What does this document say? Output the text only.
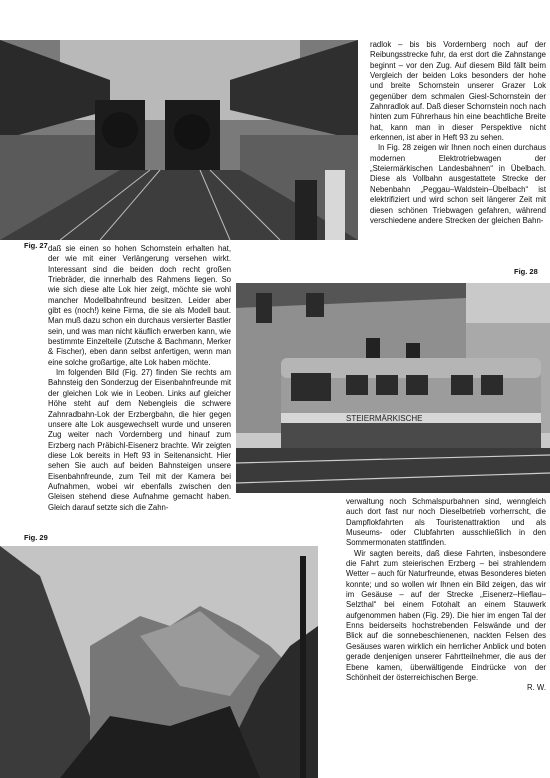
Fig. 27

radlok – bis bis Vordernberg noch auf der Reibungsstrecke fuhr, da erst dort die Zahnstange beginnt – vor den Zug. Auf diesem Bild fällt beim Vergleich der beiden Loks besonders der hohe und breite Schornstein unserer Grazer Lok gegenüber dem schmalen Giesl-Schornstein der Zahnradlok auf. Daß dieser Schornstein noch nach hinten zum Führerhaus hin eine beachtliche Breite hat, kann man in dieser Perspektive nicht erkennen, ist aber in Heft 93 zu sehen.

In Fig. 28 zeigen wir Ihnen noch einen durchaus modernen Elektrotriebwagen der „Steiermärkischen Landesbahnen“ in Übelbach. Diese als Vollbahn ausgestattete Strecke der Nebenbahn „Peggau–Waldstein–Übelbach“ ist elektrifiziert und wird schon seit längerer Zeit mit diesen schönen Triebwagen gefahren, während verschiedene andere Strecken der gleichen Bahn-

Fig. 28

daß sie einen so hohen Schornstein erhalten hat, der wie mit einer Verlängerung versehen wirkt. Interessant sind die beiden doch recht großen Triebräder, die innerhalb des Rahmens liegen. So wie sich diese alte Lok hier zeigt, möchte sie wohl mancher Modellbahnfreund besitzen. Leider aber gibt es (noch!) keine Firma, die sie als Modell baut. Man muß dazu schon ein durchaus versierter Bastler sein, und was man nicht käuflich erwerben kann, wie bestimmte Einzelteile (Zutsche & Bachmann, Merker & Fischer), eben dann selbst anfertigen, wenn man eine solche großartige, alte Lok haben möchte.

Im folgenden Bild (Fig. 27) finden Sie rechts am Bahnsteig den Sonderzug der Eisenbahnfreunde mit der gleichen Lok wie in Leoben. Links auf gleicher Höhe steht auf dem Nebengleis die schwere Zahnradbahn-Lok der Erzbergbahn, die hier gegen unsere alte Lok ausgewechselt wurde und unseren Zug weiter nach Vordernberg und hinauf zum Erzberg nach Präbichl-Eisenerz brachte. Wir zeigten diese Lok bereits in Heft 93 in Seitenansicht. Hier sehen Sie auch auf beiden Bahnsteigen unsere Eisenbahnfreunde, zum Teil mit der Kamera bei Aufnahmen, wobei wir ebenfalls zwischen den Gleisen stehend diese Aufnahme gemacht haben. Gleich darauf setzte sich die Zahn-

STEIERMÄRKISCHE

verwaltung noch Schmalspurbahnen sind, wenngleich auch dort fast nur noch Dieselbetrieb vorherrscht, die Dampflokfahrten als Touristenattraktion und als Museums- oder Clubfahrten ausschließlich in den Sommermonaten stattfinden.

Wir sagten bereits, daß diese Fahrten, insbesondere die Fahrt zum steierischen Erzberg – bei strahlendem Wetter – auch für Naturfreunde, etwas Besonderes bieten konnte; und so wollen wir Ihnen ein Bild zeigen, das wir im Gesäuse – auf der Strecke „Eisenerz–Hieflau–Selzthal“ bei einem Fotohalt an einem Stauwerk aufgenommen haben (Fig. 29). Die hier im engen Tal der Enns beiderseits hochstrebenden Felswände und der Blick auf die sonnebeschienenen, nackten Felsen des Gesäuses waren wirklich ein herrlicher Anblick und boten gerade denjenigen unserer Fahrtteilnehmer, die aus der Ebene kamen, überwältigende Eindrücke von der Schönheit der österreichischen Berge.

R. W.
Fig. 29
